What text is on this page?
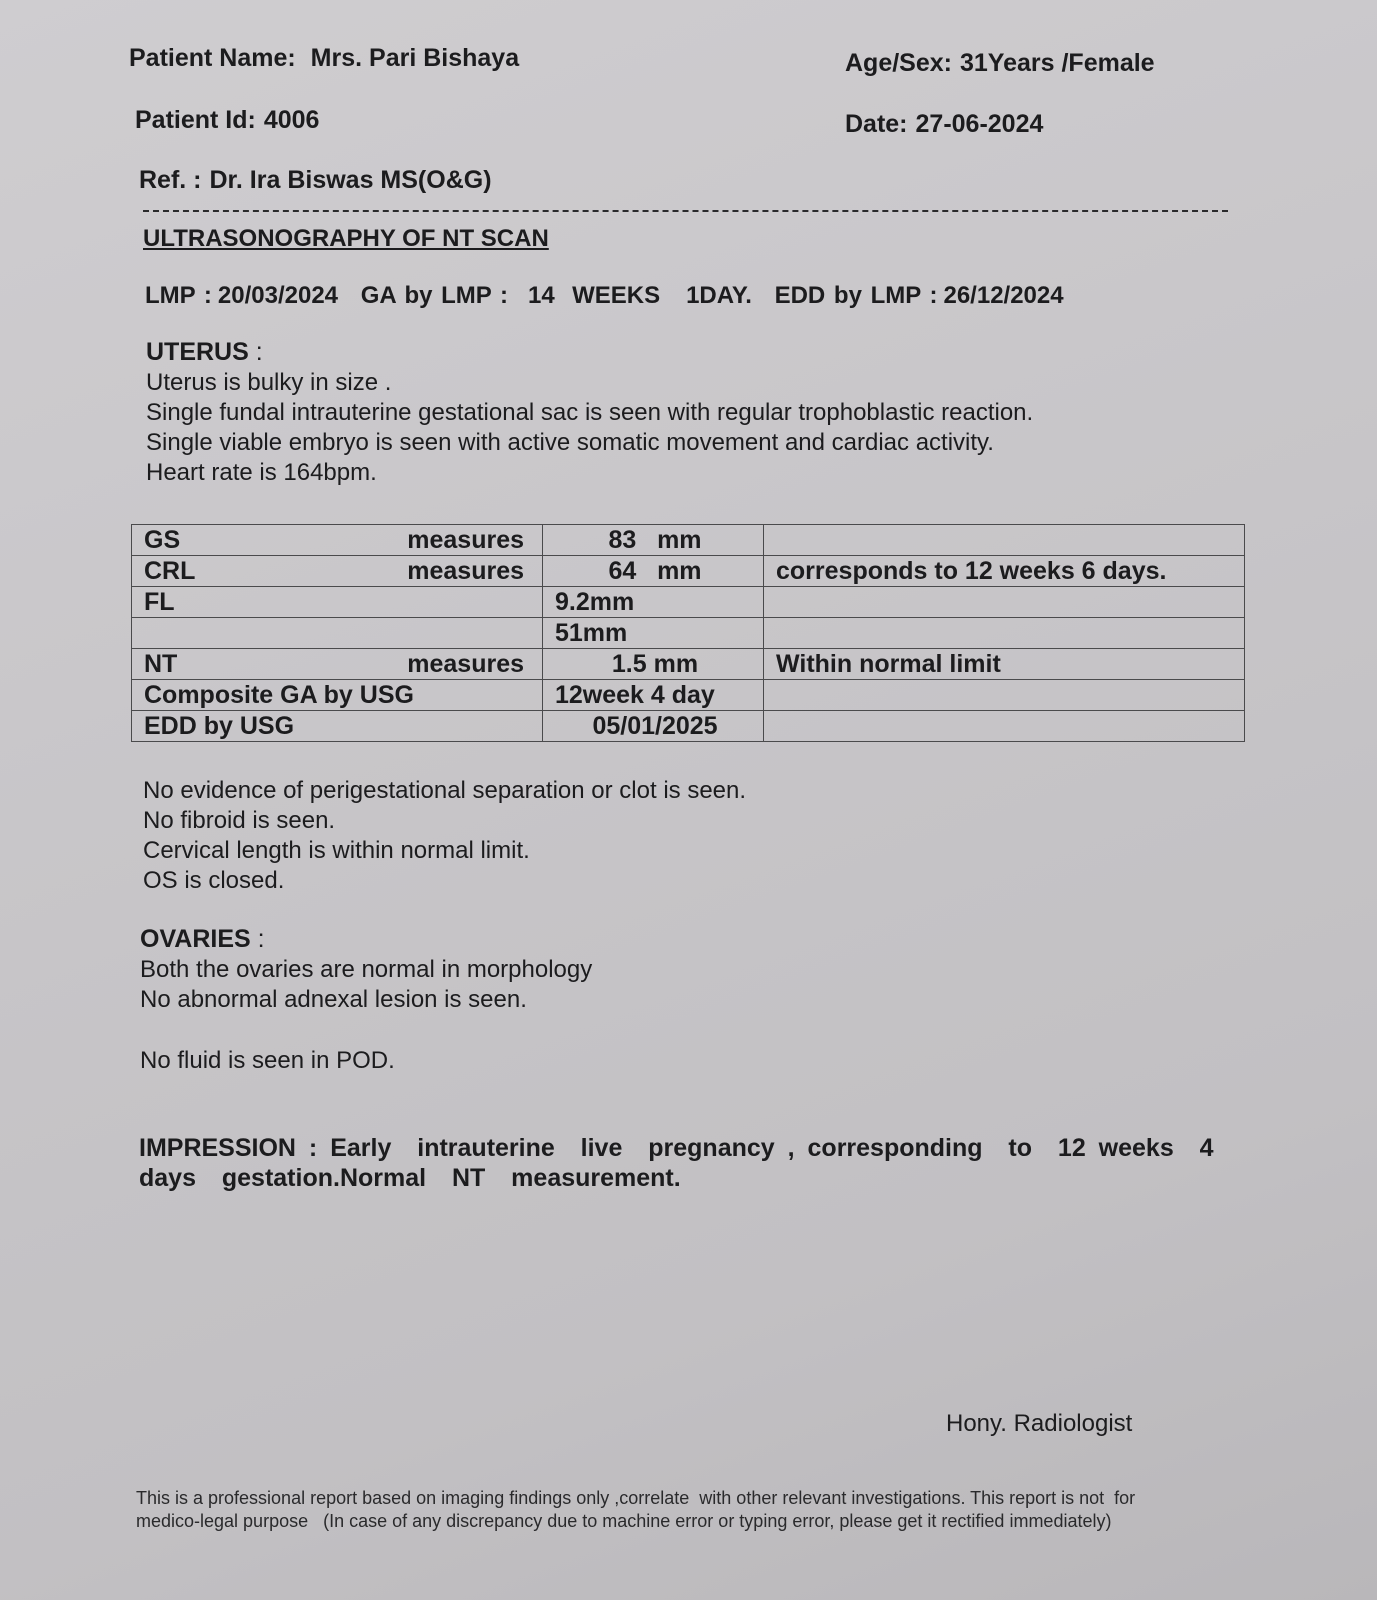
Patient Name: Mrs. Pari Bishaya	Age/Sex: 31Years /Female
Patient Id: 4006	Date: 27-06-2024
Ref. : Dr. Ira Biswas MS(O&G)
ULTRASONOGRAPHY OF NT SCAN
LMP : 20/03/2024 GA by LMP : 14  WEEKS   1DAY. EDD by LMP : 26/12/2024
UTERUS :
Uterus is bulky in size .
Single fundal intrauterine gestational sac is seen with regular trophoblastic reaction.
Single viable embryo is seen with active somatic movement and cardiac activity.
Heart rate is 164bpm.
GS measures	83   mm	

CRL measures	64   mm	corresponds to 12 weeks 6 days.

FL	9.2mm	

	51mm	

NT measures	1.5 mm	Within normal limit

Composite GA by USG	12week 4 day	

EDD by USG	05/01/2025	
No evidence of perigestational separation or clot is seen.
No fibroid is seen.
Cervical length is within normal limit.
OS is closed.
OVARIES :
Both the ovaries are normal in morphology
No abnormal adnexal lesion is seen.
No fluid is seen in POD.
IMPRESSION : Early  intrauterine  live  pregnancy , corresponding  to  12 weeks  4
days  gestation.Normal  NT  measurement.
Hony. Radiologist
This is a professional report based on imaging findings only ,correlate  with other relevant investigations. This report is not  for
medico-legal purpose   (In case of any discrepancy due to machine error or typing error, please get it rectified immediately)
